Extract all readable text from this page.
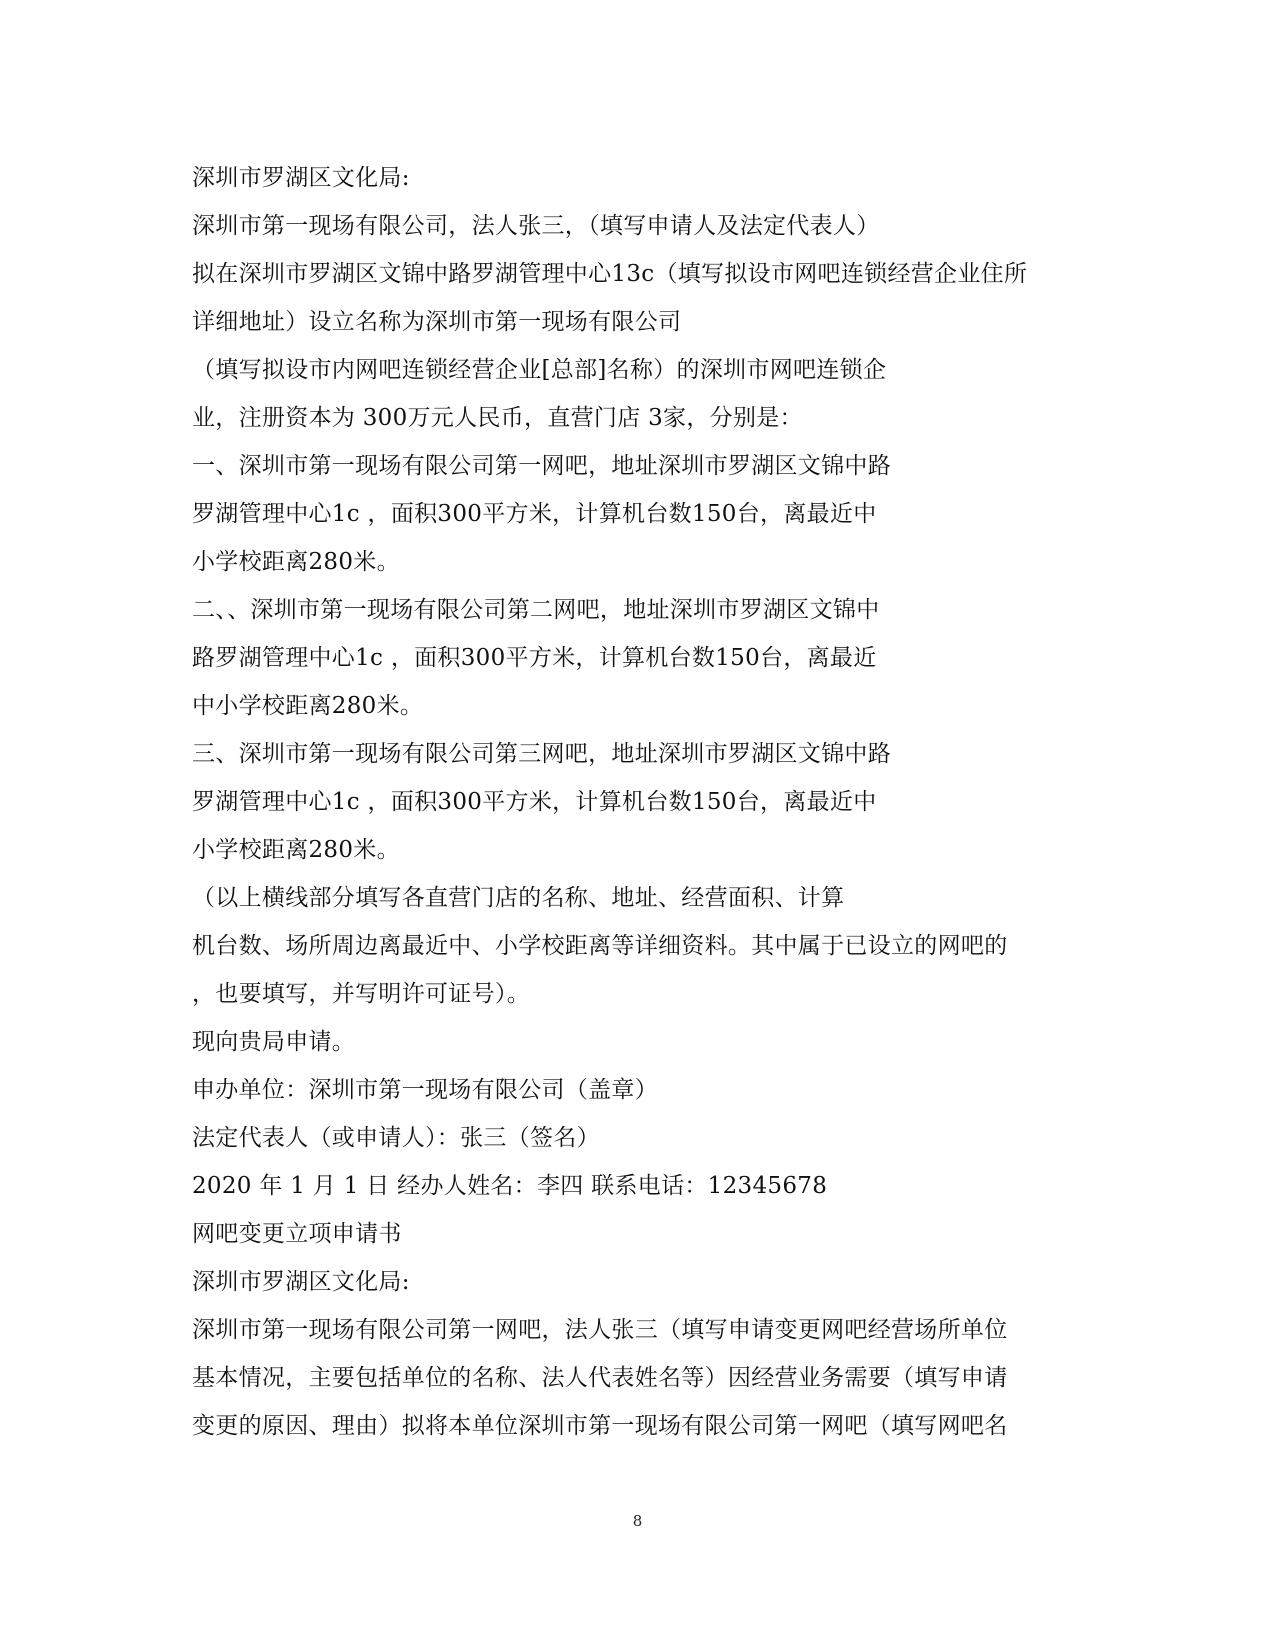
深圳市罗湖区文化局:
深圳市第一现场有限公司，法人张三，（填写申请人及法定代表人）
拟在深圳市罗湖区文锦中路罗湖管理中心13c（填写拟设市网吧连锁经营企业住所
详细地址）设立名称为深圳市第一现场有限公司
（填写拟设市内网吧连锁经营企业[总部]名称）的深圳市网吧连锁企
业，注册资本为 300万元人民币，直营门店 3家，分别是：
一、深圳市第一现场有限公司第一网吧，地址深圳市罗湖区文锦中路
罗湖管理中心1c ，面积300平方米，计算机台数150台，离最近中
小学校距离280米。
二、、深圳市第一现场有限公司第二网吧，地址深圳市罗湖区文锦中
路罗湖管理中心1c ，面积300平方米，计算机台数150台，离最近
中小学校距离280米。
三、深圳市第一现场有限公司第三网吧，地址深圳市罗湖区文锦中路
罗湖管理中心1c ，面积300平方米，计算机台数150台，离最近中
小学校距离280米。
（以上横线部分填写各直营门店的名称、地址、经营面积、计算
机台数、场所周边离最近中、小学校距离等详细资料。其中属于已设立的网吧的
，也要填写，并写明许可证号）。
现向贵局申请。
申办单位：深圳市第一现场有限公司（盖章）
法定代表人（或申请人）：张三（签名）
2020 年 1 月 1 日 经办人姓名：李四 联系电话：12345678
网吧变更立项申请书
深圳市罗湖区文化局:
深圳市第一现场有限公司第一网吧，法人张三（填写申请变更网吧经营场所单位
基本情况，主要包括单位的名称、法人代表姓名等）因经营业务需要（填写申请
变更的原因、理由）拟将本单位深圳市第一现场有限公司第一网吧（填写网吧名
8
